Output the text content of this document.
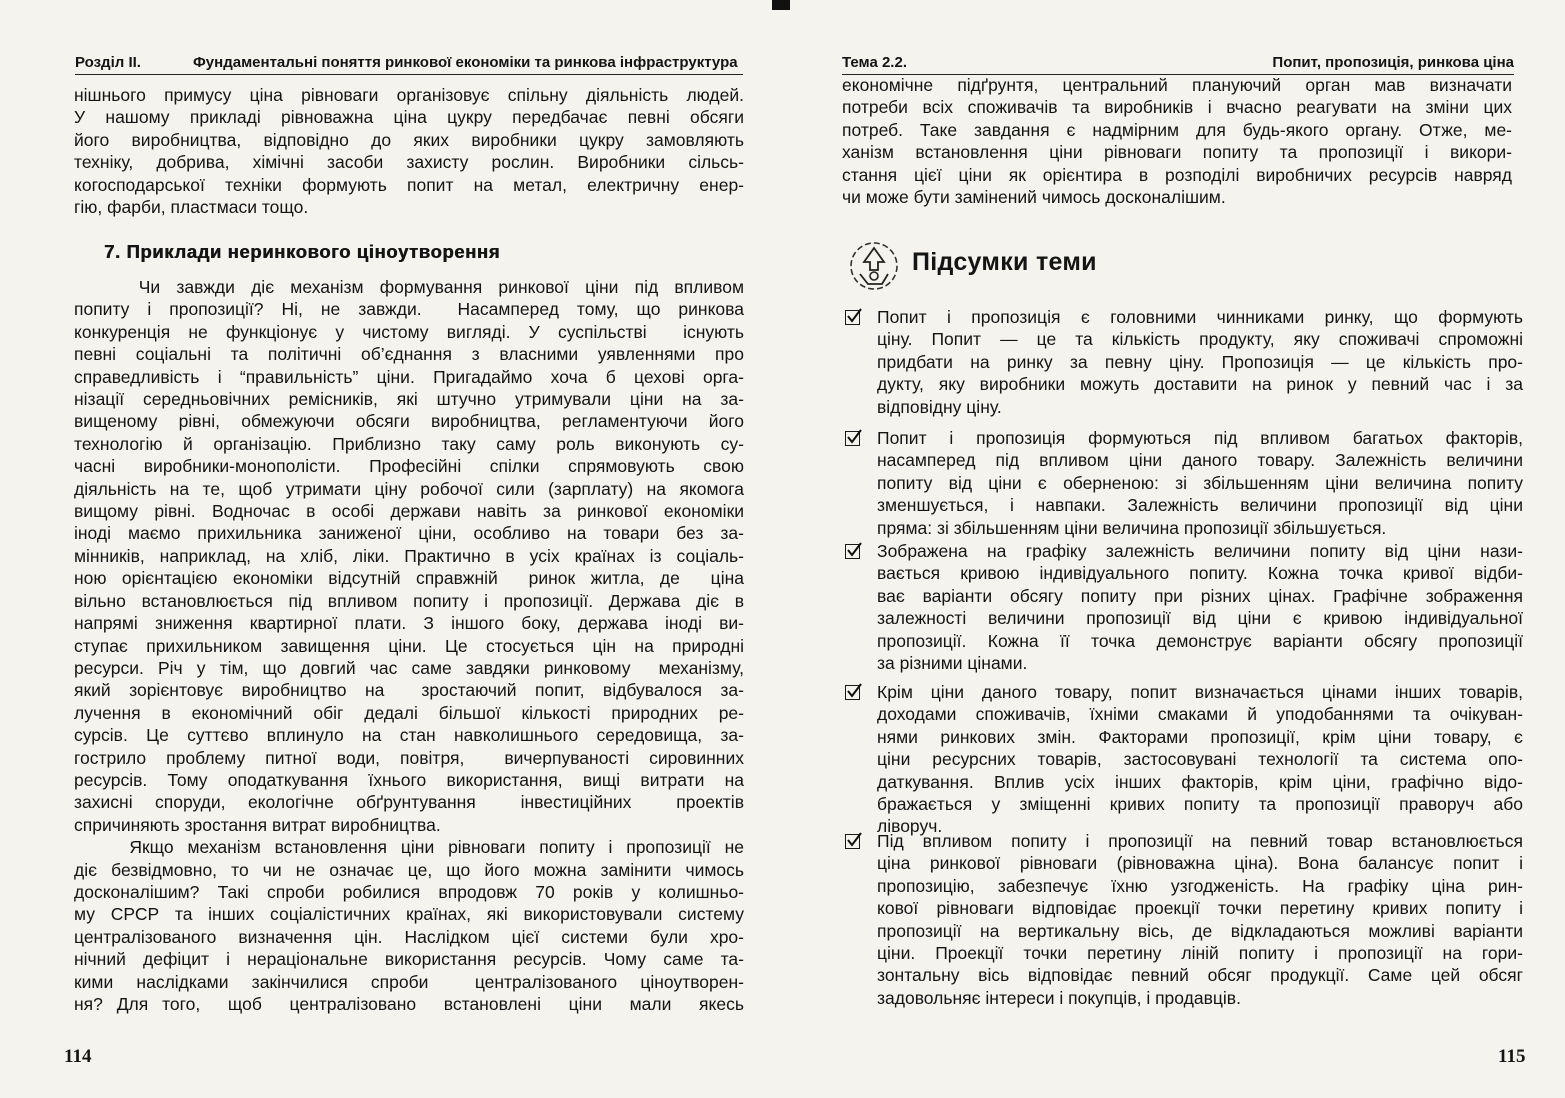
Розділ II.	Фундаментальні поняття ринкової економіки та ринкова інфраструктура
нішнього примусу ціна рівноваги організовує спільну діяльність людей.
У нашому прикладі рівноважна ціна цукру передбачає певні обсяги
його виробництва, відповідно до яких виробники цукру замовляють
техніку, добрива, хімічні засоби захисту рослин. Виробники сільсь-
когосподарської техніки формують попит на метал, електричну енер-
гію, фарби, пластмаси тощо.
7. Приклади неринкового ціноутворення
Чи завжди діє механізм формування ринкової ціни під впливом
попиту і пропозиції? Ні, не завжди.  Насамперед тому, що ринкова
конкуренція не функціонує у чистому вигляді. У суспільстві  існують
певні соціальні та політичні об’єднання з власними уявленнями про
справедливість і “правильність” ціни. Пригадаймо хоча б цехові орга-
нізації середньовічних ремісників, які штучно утримували ціни на за-
вищеному рівні, обмежуючи обсяги виробництва, регламентуючи його
технологію й організацію. Приблизно таку саму роль виконують су-
часні виробники-монополісти. Професійні спілки спрямовують свою
діяльність на те, щоб утримати ціну робочої сили (зарплату) на якомога
вищому рівні. Водночас в особі держави навіть за ринкової економіки
іноді маємо прихильника заниженої ціни, особливо на товари без за-
мінників, наприклад, на хліб, ліки. Практично в усіх країнах із соціаль-
ною орієнтацією економіки відсутній справжній  ринок житла, де  ціна
вільно встановлюється під впливом попиту і пропозиції. Держава діє в
напрямі зниження квартирної плати. З іншого боку, держава іноді ви-
ступає прихильником завищення ціни. Це стосується цін на природні
ресурси. Річ у тім, що довгий час саме завдяки ринковому  механізму,
який зорієнтовує виробництво на  зростаючий попит, відбувалося за-
лучення в економічний обіг дедалі більшої кількості природних ре-
сурсів. Це суттєво вплинуло на стан навколишнього середовища, за-
гострило проблему питної води, повітря,  вичерпуваності сировинних
ресурсів. Тому оподаткування їхнього використання, вищі витрати на
захисні споруди, екологічне обґрунтування  інвестиційних  проектів
спричиняють зростання витрат виробництва.
Якщо механізм встановлення ціни рівноваги попиту і пропозиції не
діє безвідмовно, то чи не означає це, що його можна замінити чимось
досконалішим? Такі спроби робилися впродовж 70 років у колишньо-
му СРСР та інших соціалістичних країнах, які використовували систему
централізованого визначення цін. Наслідком цієї системи були хро-
нічний дефіцит і нераціональне використання ресурсів. Чому саме та-
кими наслідками закінчилися спроби  централізованого ціноутворен-
ня? Для того,  щоб  централізовано  встановлені  ціни  мали  якесь
114
Тема 2.2.	Попит, пропозиція, ринкова ціна
економічне підґрунтя, центральний плануючий орган мав визначати
потреби всіх споживачів та виробників і вчасно реагувати на зміни цих
потреб. Таке завдання є надмірним для будь-якого органу. Отже, ме-
ханізм встановлення ціни рівноваги попиту та пропозиції і викори-
стання цієї ціни як орієнтира в розподілі виробничих ресурсів навряд
чи може бути замінений чимось досконалішим.
Підсумки теми
Попит і пропозиція є головними чинниками ринку, що формують
ціну. Попит — це та кількість продукту, яку споживачі спроможні
придбати на ринку за певну ціну. Пропозиція — це кількість про-
дукту, яку виробники можуть доставити на ринок у певний час і за
відповідну ціну.
Попит і пропозиція формуються під впливом багатьох факторів,
насамперед під впливом ціни даного товару. Залежність величини
попиту від ціни є оберненою: зі збільшенням ціни величина попиту
зменшується, і навпаки. Залежність величини пропозиції від ціни
пряма: зі збільшенням ціни величина пропозиції збільшується.
Зображена на графіку залежність величини попиту від ціни нази-
вається кривою індивідуального попиту. Кожна точка кривої відби-
ває варіанти обсягу попиту при різних цінах. Графічне зображення
залежності величини пропозиції від ціни є кривою індивідуальної
пропозиції. Кожна її точка демонструє варіанти обсягу пропозиції
за різними цінами.
Крім ціни даного товару, попит визначається цінами інших товарів,
доходами споживачів, їхніми смаками й уподобаннями та очікуван-
нями ринкових змін. Факторами пропозиції, крім ціни товару, є
ціни ресурсних товарів, застосовувані технології та система опо-
даткування. Вплив усіх інших факторів, крім ціни, графічно відо-
бражається у зміщенні кривих попиту та пропозиції праворуч або
ліворуч.
Під впливом попиту і пропозиції на певний товар встановлюється
ціна ринкової рівноваги (рівноважна ціна). Вона балансує попит і
пропозицію, забезпечує їхню узгодженість. На графіку ціна рин-
кової рівноваги відповідає проекції точки перетину кривих попиту і
пропозиції на вертикальну вісь, де відкладаються можливі варіанти
ціни. Проекції точки перетину ліній попиту і пропозиції на гори-
зонтальну вісь відповідає певний обсяг продукції. Саме цей обсяг
задовольняє інтереси і покупців, і продавців.
115
